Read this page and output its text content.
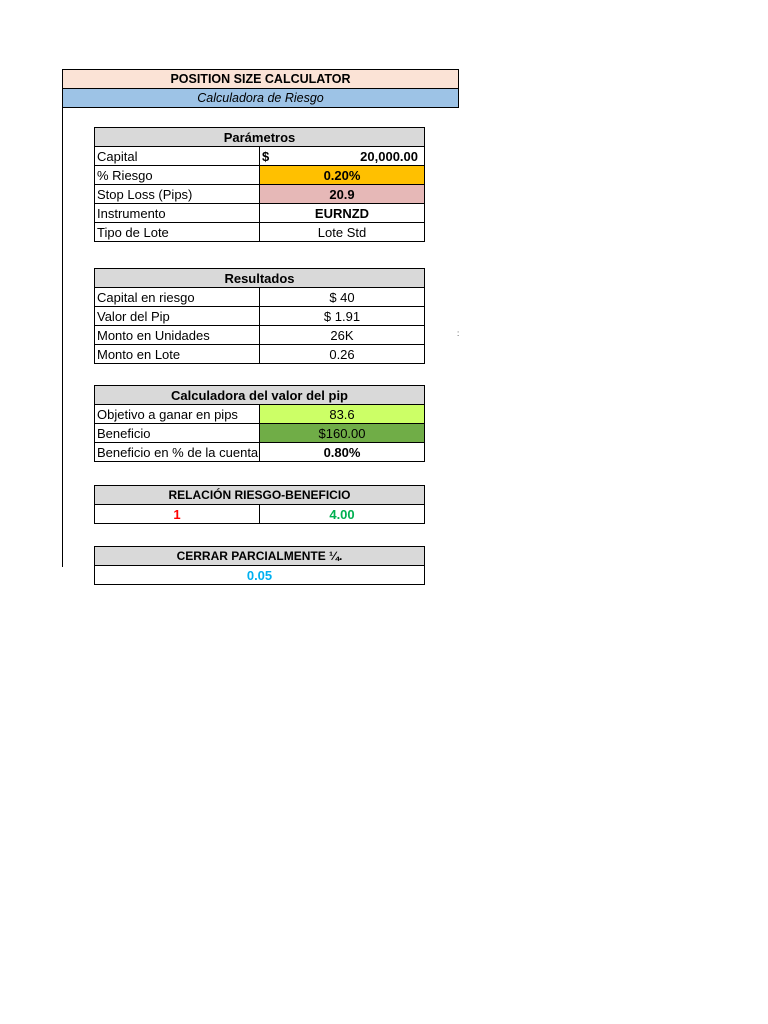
POSITION SIZE CALCULATOR
Calculadora de Riesgo
:
Parámetros	
Capital	$ 20,000.00

% Riesgo	0.20%
Stop Loss (Pips)	20.9
Instrumento	EURNZD
Tipo de Lote	Lote Std
Resultados	
Capital en riesgo	$ 40
Valor del Pip	$ 1.91
Monto en Unidades	26K
Monto en Lote	0.26
Calculadora del valor del pip	
Objetivo a ganar en pips	83.6
Beneficio	$160.00
Beneficio en % de la cuenta	0.80%
RELACIÓN RIESGO-BENEFICIO
1	4.00
CERRAR PARCIALMENTE ¼.
0.05
